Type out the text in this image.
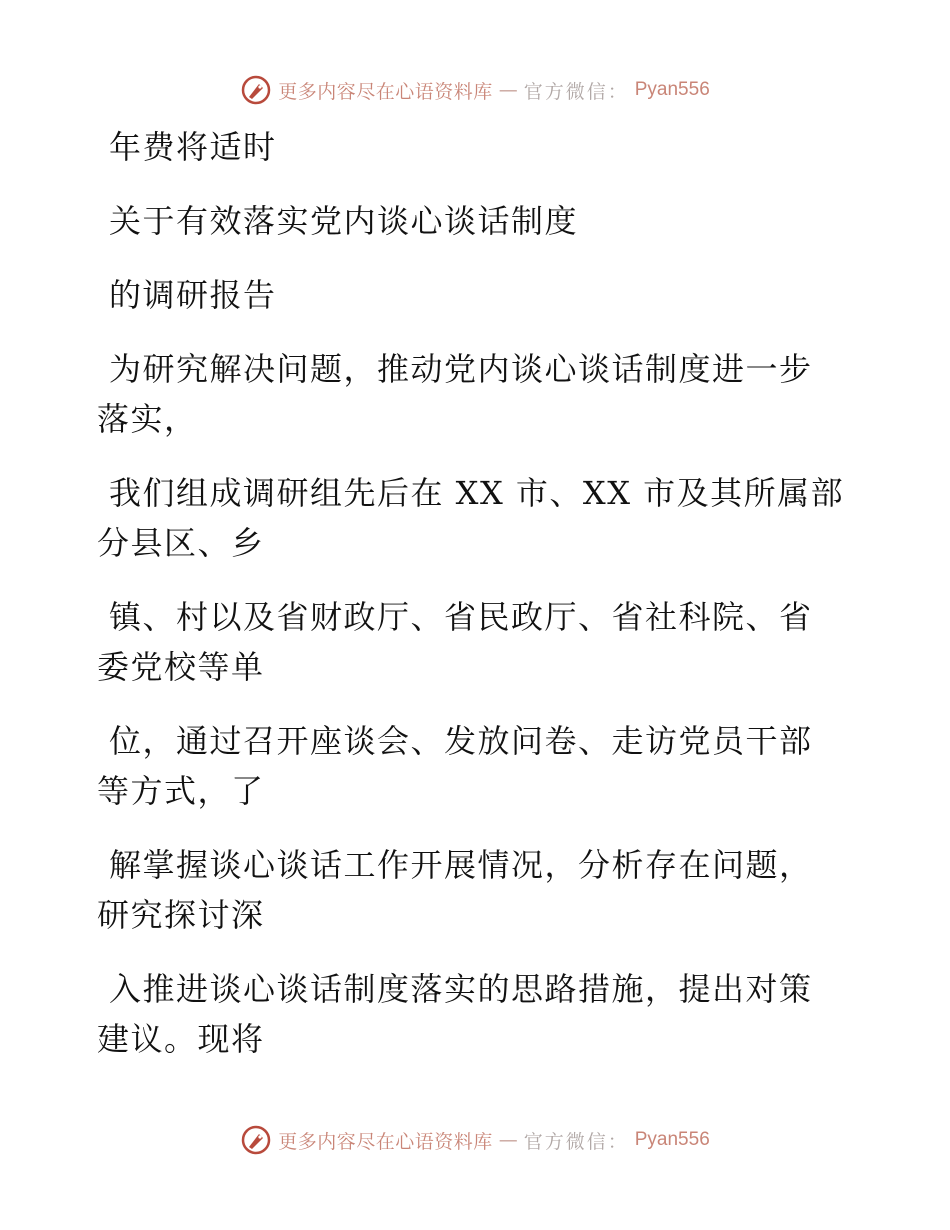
更多内容尽在心语资料库 — 官方微信： Pyan556
年费将适时
关于有效落实党内谈心谈话制度
的调研报告
为研究解决问题，推动党内谈心谈话制度进一步
落实，
我们组成调研组先后在 XX 市、XX 市及其所属部
分县区、乡
镇、村以及省财政厅、省民政厅、省社科院、省
委党校等单
位，通过召开座谈会、发放问卷、走访党员干部
等方式，了
解掌握谈心谈话工作开展情况，分析存在问题，
研究探讨深
入推进谈心谈话制度落实的思路措施，提出对策
建议。现将
更多内容尽在心语资料库 — 官方微信： Pyan556
